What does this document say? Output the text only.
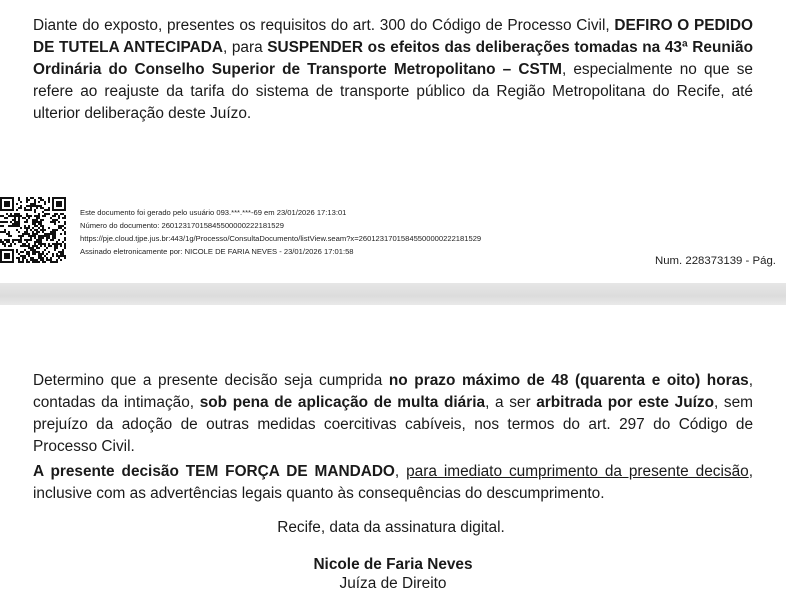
Diante do exposto, presentes os requisitos do art. 300 do Código de Processo Civil, DEFIRO O PEDIDO DE TUTELA ANTECIPADA, para SUSPENDER os efeitos das deliberações tomadas na 43ª Reunião Ordinária do Conselho Superior de Transporte Metropolitano – CSTM, especialmente no que se refere ao reajuste da tarifa do sistema de transporte público da Região Metropolitana do Recife, até ulterior deliberação deste Juízo.
Este documento foi gerado pelo usuário 093.***.***-69 em 23/01/2026 17:13:01
Número do documento: 26012317015845500000222181529
https://pje.cloud.tjpe.jus.br:443/1g/Processo/ConsultaDocumento/listView.seam?x=26012317015845500000222181529
Assinado eletronicamente por: NICOLE DE FARIA NEVES - 23/01/2026 17:01:58
Num. 228373139 - Pág.
Determino que a presente decisão seja cumprida no prazo máximo de 48 (quarenta e oito) horas, contadas da intimação, sob pena de aplicação de multa diária, a ser arbitrada por este Juízo, sem prejuízo da adoção de outras medidas coercitivas cabíveis, nos termos do art. 297 do Código de Processo Civil.
A presente decisão TEM FORÇA DE MANDADO, para imediato cumprimento da presente decisão, inclusive com as advertências legais quanto às consequências do descumprimento.
Recife, data da assinatura digital.
Nicole de Faria Neves
Juíza de Direito
